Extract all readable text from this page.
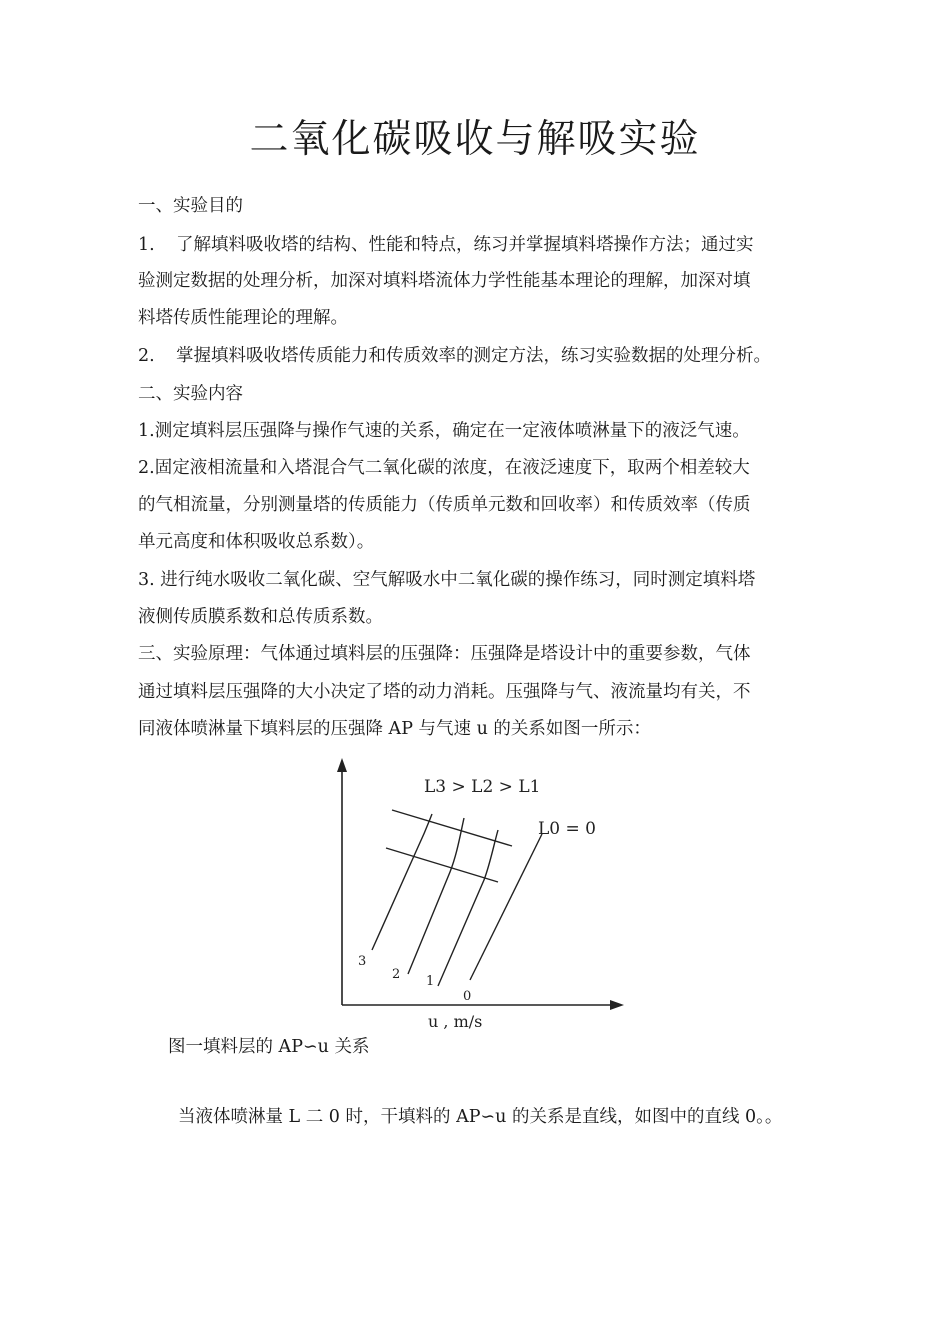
二氧化碳吸收与解吸实验
一、实验目的
1. 了解填料吸收塔的结构、性能和特点，练习并掌握填料塔操作方法；通过实
验测定数据的处理分析，加深对填料塔流体力学性能基本理论的理解，加深对填
料塔传质性能理论的理解。
2. 掌握填料吸收塔传质能力和传质效率的测定方法，练习实验数据的处理分析。
二、实验内容
1.测定填料层压强降与操作气速的关系，确定在一定液体喷淋量下的液泛气速。
2.固定液相流量和入塔混合气二氧化碳的浓度，在液泛速度下，取两个相差较大
的气相流量，分别测量塔的传质能力（传质单元数和回收率）和传质效率（传质
单元高度和体积吸收总系数）。
3. 进行纯水吸收二氧化碳、空气解吸水中二氧化碳的操作练习，同时测定填料塔
液侧传质膜系数和总传质系数。
三、实验原理：气体通过填料层的压强降：压强降是塔设计中的重要参数，气体
通过填料层压强降的大小决定了塔的动力消耗。压强降与气、液流量均有关，不
同液体喷淋量下填料层的压强降 AP 与气速 u 的关系如图一所示：
L3 > L2 > L1
L0 = 0
3
2 1
0
u , m/s
图一填料层的 AP∽u 关系
当液体喷淋量 L 二 0 时，干填料的 AP∽u 的关系是直线，如图中的直线 0。。
